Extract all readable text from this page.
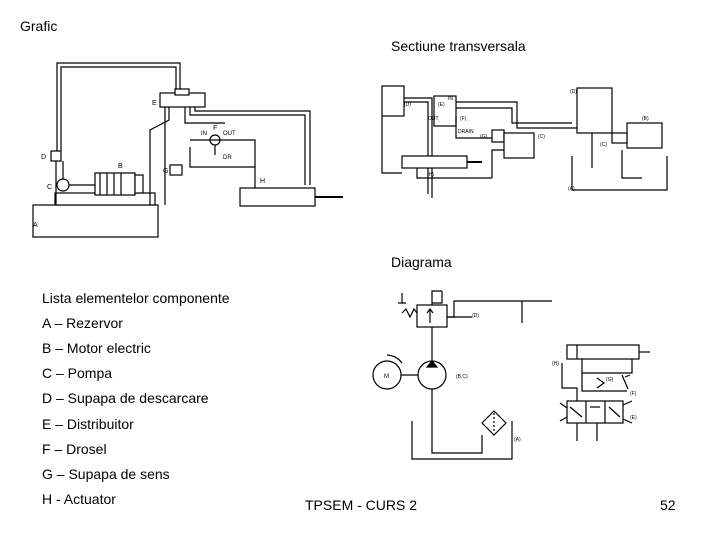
Grafic
Sectiune transversala
Diagrama
Lista elementelor componente
A – Rezervor
B – Motor electric
C – Pompa
D – Supapa de descarcare
E – Distribuitor
F – Drosel
G – Supapa de sens
H - Actuator	TPSEM - CURS 2	52
A
B
C
D
E
F
IN	OUT
DR
G
H
(D)	(E)
IN
OUT	(F)
DRAIN
(H)
(G)	(C)
(D)
(B)
(C)
(A)
(D)
M	(B,C)
(A)
(H)
(G)
(F)
(E)
